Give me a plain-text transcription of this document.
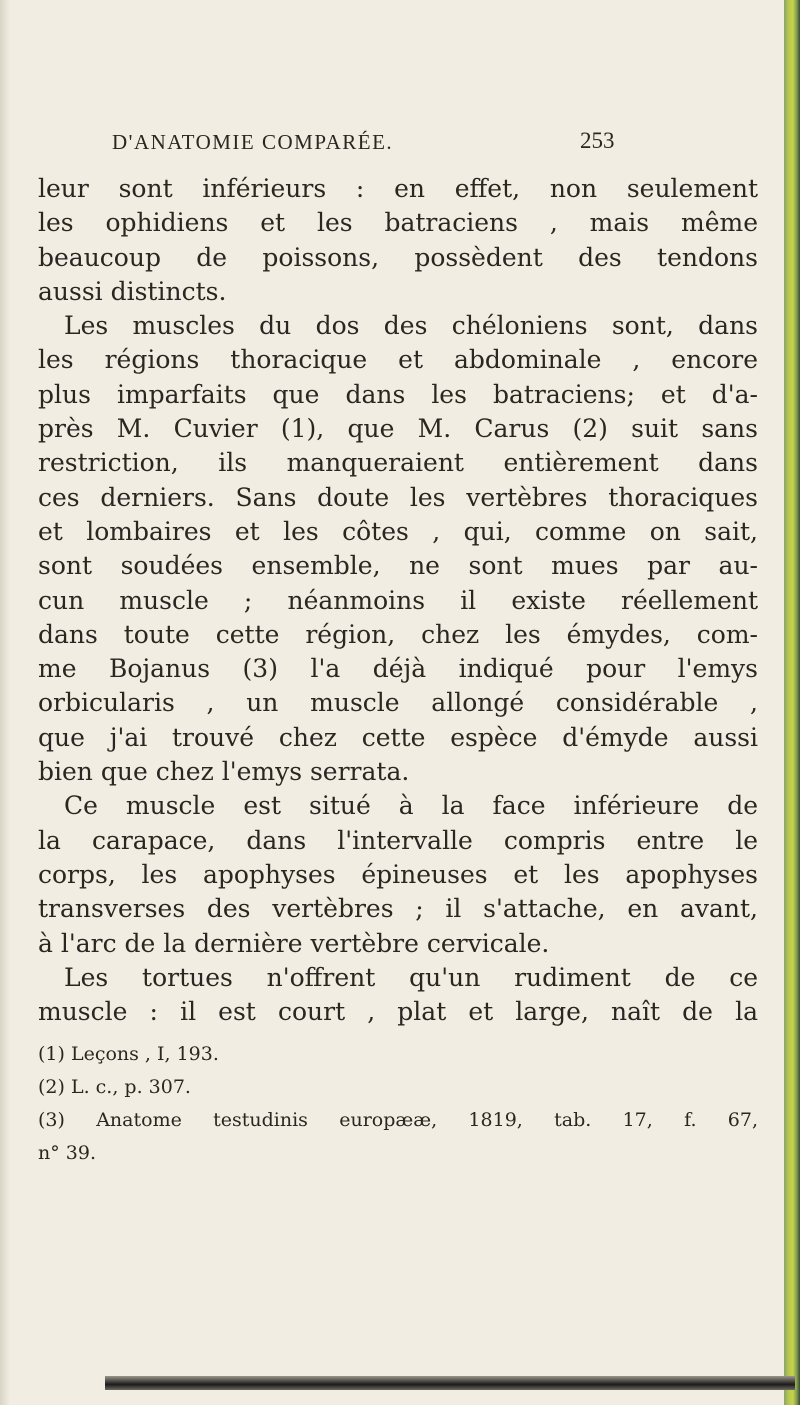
D'ANATOMIE COMPARÉE.	253
leur sont inférieurs : en effet, non seulement
les ophidiens et les batraciens , mais même
beaucoup de poissons, possèdent des tendons
aussi distincts.
Les muscles du dos des chéloniens sont, dans
les régions thoracique et abdominale , encore
plus imparfaits que dans les batraciens; et d'a-
près M. Cuvier (1), que M. Carus (2) suit sans
restriction, ils manqueraient entièrement dans
ces derniers. Sans doute les vertèbres thoraciques
et lombaires et les côtes , qui, comme on sait,
sont soudées ensemble, ne sont mues par au-
cun muscle ; néanmoins il existe réellement
dans toute cette région, chez les émydes, com-
me Bojanus (3) l'a déjà indiqué pour l'emys
orbicularis , un muscle allongé considérable ,
que j'ai trouvé chez cette espèce d'émyde aussi
bien que chez l'emys serrata.
Ce muscle est situé à la face inférieure de
la carapace, dans l'intervalle compris entre le
corps, les apophyses épineuses et les apophyses
transverses des vertèbres ; il s'attache, en avant,
à l'arc de la dernière vertèbre cervicale.
Les tortues n'offrent qu'un rudiment de ce
muscle : il est court , plat et large, naît de la
(1) Leçons , I, 193.
(2) L. c., p. 307.
(3) Anatome testudinis europææ, 1819, tab. 17, f. 67,
n° 39.
